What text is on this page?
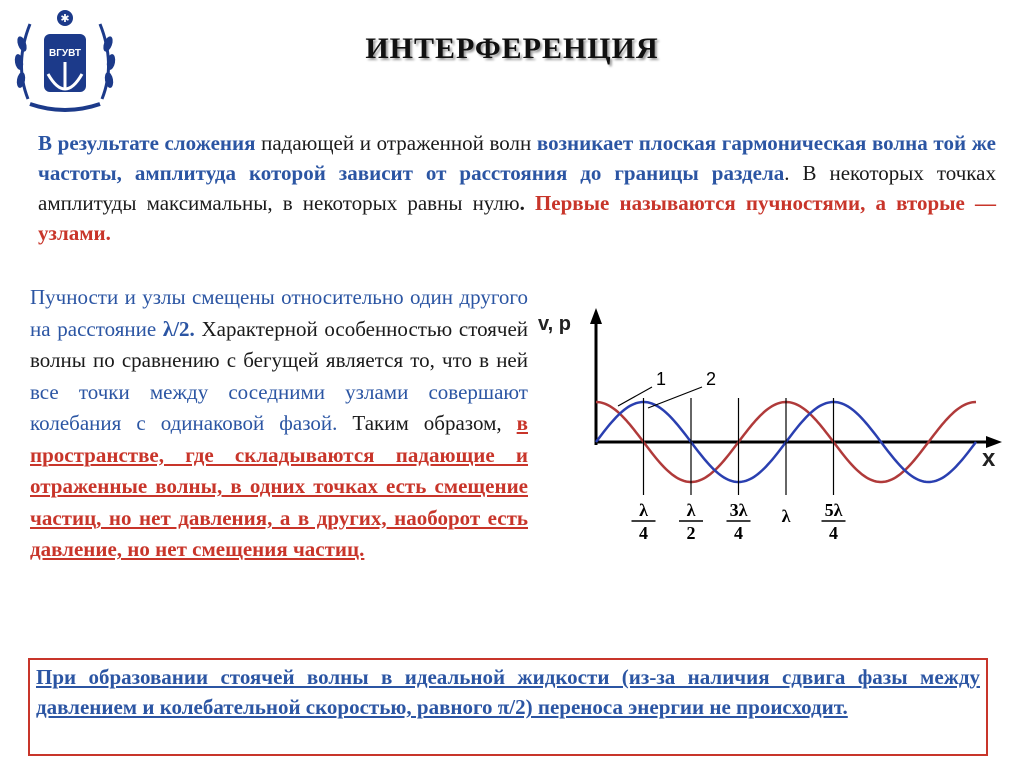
✱
ВГУВТ	ИНТЕРФЕРЕНЦИЯ
В результате сложения падающей и отраженной волн возникает плоская гармоническая волна той же частоты, амплитуда которой зависит от расстояния до границы раздела. В некоторых точках амплитуды максимальны, в некоторых равны нулю. Первые называются пучностями, а вторые — узлами.
Пучности и узлы смещены относительно один другого на расстояние λ/2. Характерной особенностью стоячей волны по сравнению с бегущей является то, что в ней все точки между соседними узлами совершают колебания с одинаковой фазой. Таким образом, в пространстве, где складываются падающие и отраженные волны, в одних точках есть смещение частиц, но нет давления, а в других, наоборот есть давление, но нет смещения частиц.
v, p
x
λ
4
λ
2
3λ
4
λ 5λ
4
1 2
При образовании стоячей волны в идеальной жидкости (из-за наличия сдвига фазы между давлением и колебательной скоростью, равного π/2) переноса энергии не происходит.
